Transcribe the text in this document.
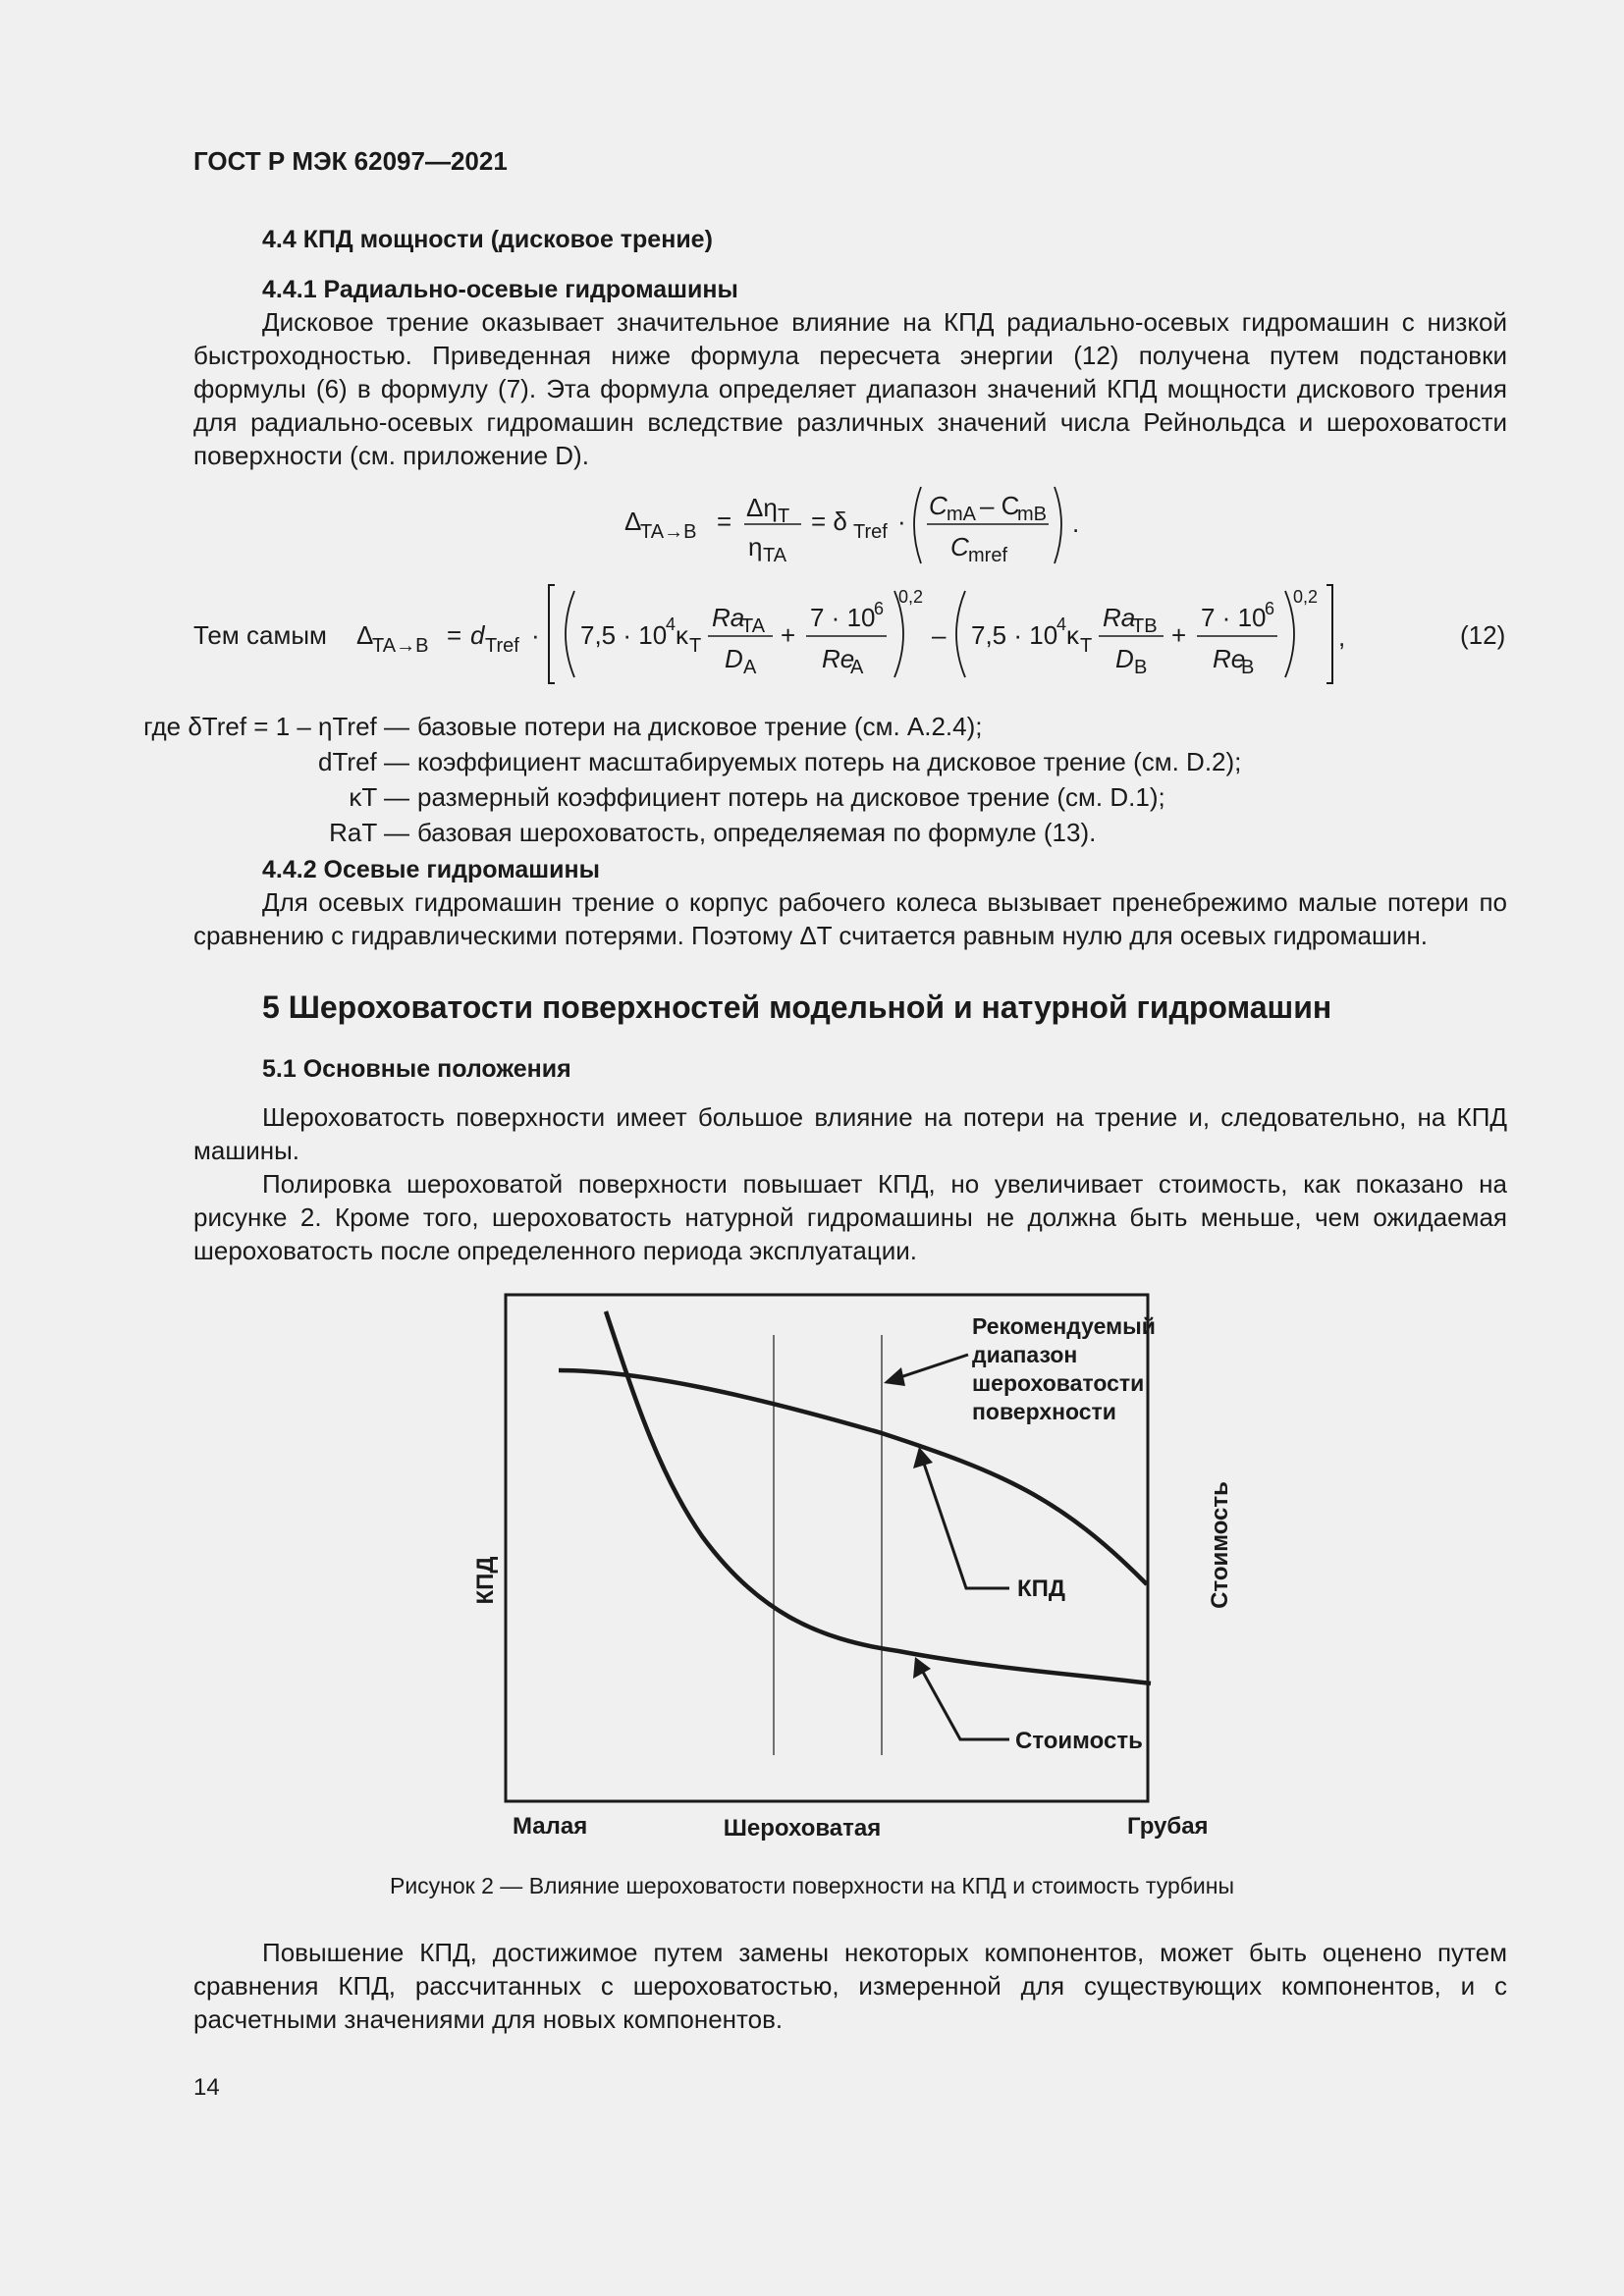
ГОСТ Р МЭК 62097—2021
4.4 КПД мощности (дисковое трение)
4.4.1 Радиально-осевые гидромашины

Дисковое трение оказывает значительное влияние на КПД радиально-осевых гидромашин с низкой быстроходностью. Приведенная ниже формула пересчета энергии (12) получена путем подстановки формулы (6) в формулу (7). Эта формула определяет диапазон значений КПД мощности дискового трения для радиально-осевых гидромашин вследствие различных значений числа Рейнольдса и шероховатости поверхности (см. приложение D).

Δ
TA→B = Δη T
η TA
= δ Tref ·
C mA – C
mB
C mref
.
Тем самым Δ
TA→B = d Tref · 7,5 · 10
4 κ T
Ra
TA
D A
+
7 · 10
6
Re
A
0,2
– 7,5 · 10
4 κ T
Ra
TB
D B
+
7 · 10
6
Re
B
0,2
,	(12)
где δTref = 1 – ηTref — базовые потери на дисковое трение (см. А.2.4);
dTref — коэффициент масштабируемых потерь на дисковое трение (см. D.2);
κT — размерный коэффициент потерь на дисковое трение (см. D.1);
RaT — базовая шероховатость, определяемая по формуле (13).
4.4.2 Осевые гидромашины

Для осевых гидромашин трение о корпус рабочего колеса вызывает пренебрежимо малые потери по сравнению с гидравлическими потерями. Поэтому ΔT считается равным нулю для осевых гидромашин.

5 Шероховатости поверхностей модельной и натурной гидромашин
5.1 Основные положения

Шероховатость поверхности имеет большое влияние на потери на трение и, следовательно, на КПД машины.

Полировка шероховатой поверхности повышает КПД, но увеличивает стоимость, как показано на рисунке 2. Кроме того, шероховатость натурной гидромашины не должна быть меньше, чем ожидаемая шероховатость после определенного периода эксплуатации.

Рекомендуемый
диапазон
шероховатости
поверхности
КПД
Стоимость
КПД	Стоимость
Малая	Шероховатая	Грубая
Рисунок 2 — Влияние шероховатости поверхности на КПД и стоимость турбины

Повышение КПД, достижимое путем замены некоторых компонентов, может быть оценено путем сравнения КПД, рассчитанных с шероховатостью, измеренной для существующих компонентов, и с расчетными значениями для новых компонентов.

14
